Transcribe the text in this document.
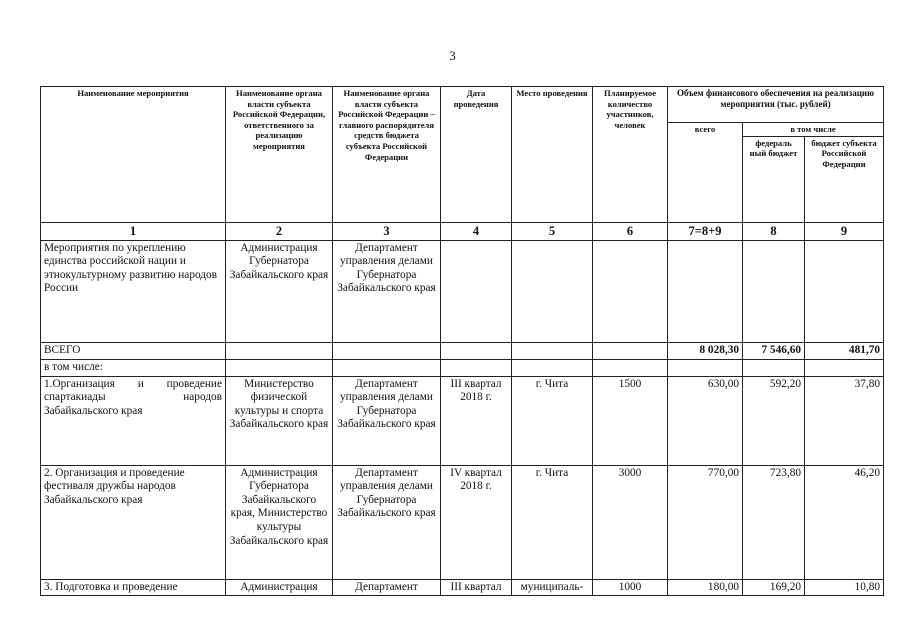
3
Наименование мероприятия	Наименование органа власти субъекта Российской Федерации, ответственного за реализацию мероприятия	Наименование органа власти субъекта Российской Федерации – главного распорядителя средств бюджета субъекта Российской Федерации	Дата проведения	Место проведения	Планируемое количество участников, человек	Объем финансового обеспечения на реализацию мероприятия (тыс. рублей)		
						всего	в том числе	
							федераль ный бюджет	бюджет субъекта Российской Федерации
1	2	3	4	5	6	7=8+9	8	9
Мероприятия по укреплению единства российской нации и этнокультурному развитию народов России	Администрация Губернатора Забайкальского края	Департамент управления делами Губернатора Забайкальского края						
ВСЕГО						8 028,30	7 546,60	481,70
в том числе:								
1.Организация и проведение спартакиады народов Забайкальского края	Министерство физической культуры и спорта Забайкальского края	Департамент управления делами Губернатора Забайкальского края	III квартал 2018 г.	г. Чита	1500	630,00	592,20	37,80
2. Организация и проведение фестиваля дружбы народов Забайкальского края	Администрация Губернатора Забайкальского края, Министерство культуры Забайкальского края	Департамент управления делами Губернатора Забайкальского края	IV квартал 2018 г.	г. Чита	3000	770,00	723,80	46,20
3. Подготовка и проведение	Администрация	Департамент	III квартал	муниципаль-	1000	180,00	169,20	10,80
